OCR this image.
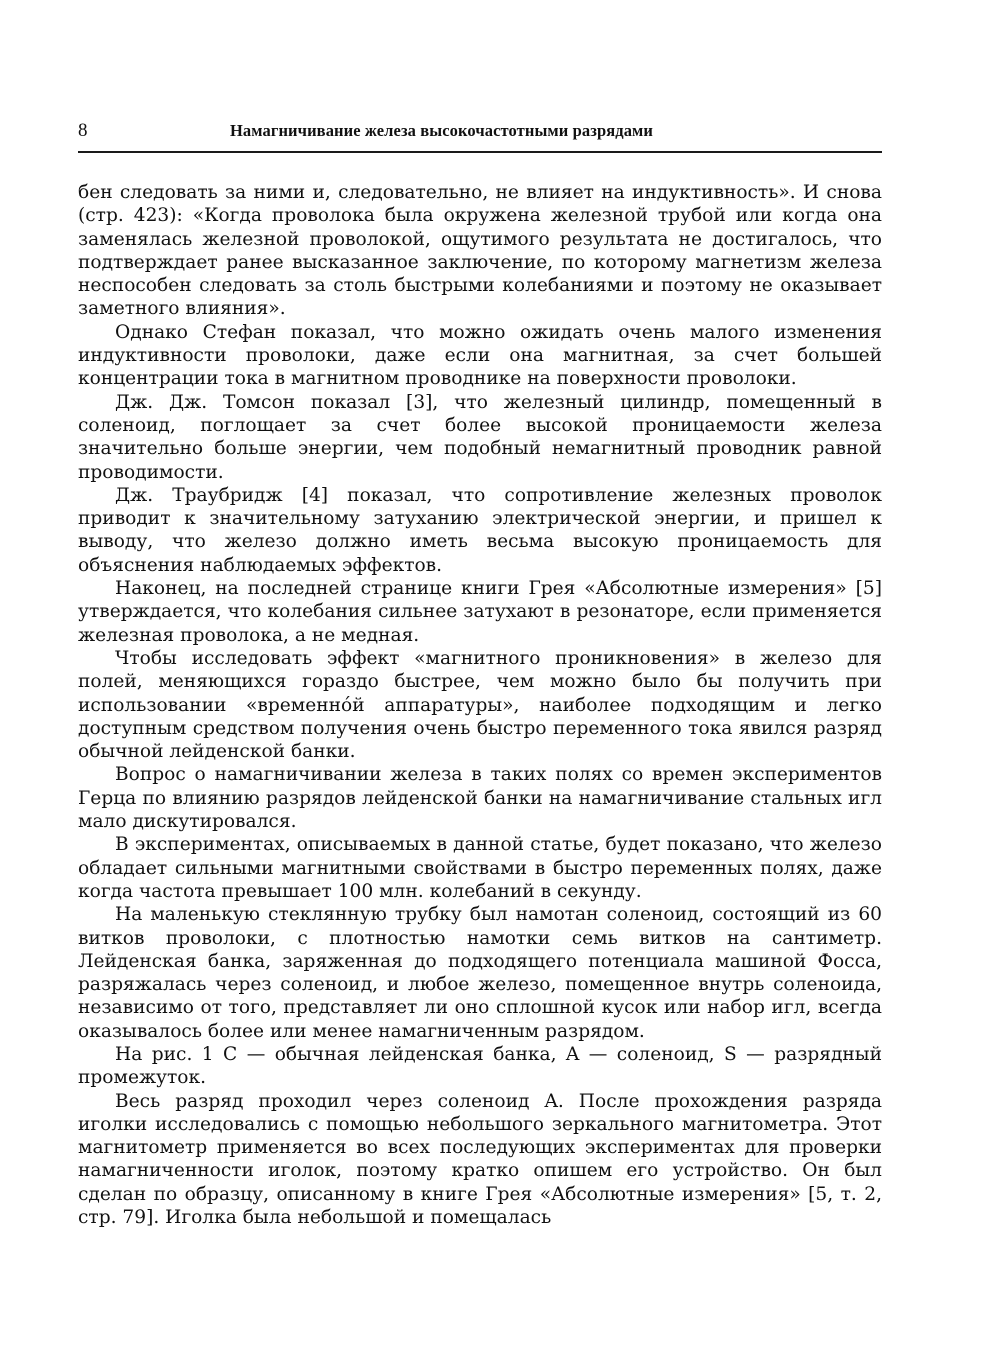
8	Намагничивание железа высокочастотными разрядами

бен следовать за ними и, следовательно, не влияет на индуктивность». И снова (стр. 423): «Когда проволока была окружена железной трубой или когда она заменялась железной проволокой, ощутимого результата не достигалось, что подтверждает ранее высказанное заключение, по которому магнетизм железа неспособен следовать за столь быстрыми колебаниями и поэтому не оказывает заметного влияния».

Однако Стефан показал, что можно ожидать очень малого изменения индуктивности проволоки, даже если она магнитная, за счет большей концентрации тока в магнитном проводнике на поверхности проволоки.

Дж. Дж. Томсон показал [3], что железный цилиндр, помещенный в соленоид, поглощает за счет более высокой проницаемости железа значительно больше энергии, чем подобный немагнитный проводник равной проводимости.

Дж. Траубридж [4] показал, что сопротивление железных проволок приводит к значительному затуханию электрической энергии, и пришел к выводу, что железо должно иметь весьма высокую проницаемость для объяснения наблюдаемых эффектов.

Наконец, на последней странице книги Грея «Абсолютные измерения» [5] утверждается, что колебания сильнее затухают в резонаторе, если применяется железная проволока, а не медная.

Чтобы исследовать эффект «магнитного проникновения» в железо для полей, меняющихся гораздо быстрее, чем можно было бы получить при использовании «временно́й аппаратуры», наиболее подходящим и легко доступным средством получения очень быстро переменного тока явился разряд обычной лейденской банки.

Вопрос о намагничивании железа в таких полях со времен экспериментов Герца по влиянию разрядов лейденской банки на намагничивание стальных игл мало дискутировался.

В экспериментах, описываемых в данной статье, будет показано, что железо обладает сильными магнитными свойствами в быстро переменных полях, даже когда частота превышает 100 млн. колебаний в секунду.

На маленькую стеклянную трубку был намотан соленоид, состоящий из 60 витков проволоки, с плотностью намотки семь витков на сантиметр. Лейденская банка, заряженная до подходящего потенциала машиной Фосса, разряжалась через соленоид, и любое железо, помещенное внутрь соленоида, независимо от того, представляет ли оно сплошной кусок или набор игл, всегда оказывалось более или менее намагниченным разрядом.

На рис. 1 C — обычная лейденская банка, A — соленоид, S — разрядный промежуток.

Весь разряд проходил через соленоид A. После прохождения разряда иголки исследовались с помощью небольшого зеркального магнитометра. Этот магнитометр применяется во всех последующих экспериментах для проверки намагниченности иголок, поэтому кратко опишем его устройство. Он был сделан по образцу, описанному в книге Грея «Абсолютные измерения» [5, т. 2, стр. 79]. Иголка была небольшой и помещалась
